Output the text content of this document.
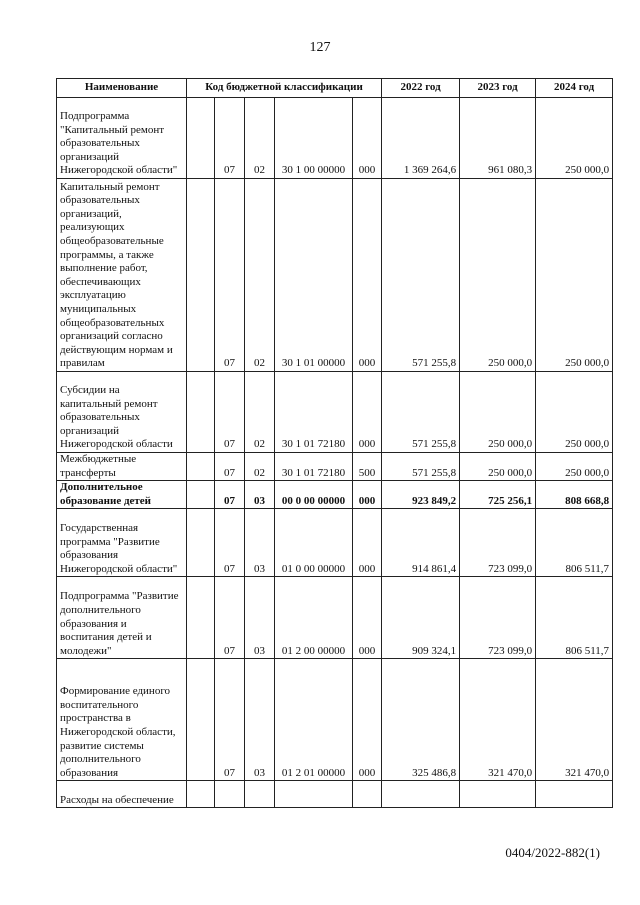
127
Наименование	Код бюджетной классификации					2022 год	2023 год	2024 год
Подпрограмма "Капитальный ремонт образовательных организаций Нижегородской области"		07	02	30 1 00 00000	000	1 369 264,6	961 080,3	250 000,0
Капитальный ремонт образовательных организаций, реализующих общеобразовательные программы, а также выполнение работ, обеспечивающих эксплуатацию муниципальных общеобразовательных организаций согласно действующим нормам и правилам		07	02	30 1 01 00000	000	571 255,8	250 000,0	250 000,0
Субсидии на капитальный ремонт образовательных организаций Нижегородской области		07	02	30 1 01 72180	000	571 255,8	250 000,0	250 000,0
Межбюджетные трансферты		07	02	30 1 01 72180	500	571 255,8	250 000,0	250 000,0
Дополнительное образование детей		07	03	00 0 00 00000	000	923 849,2	725 256,1	808 668,8
Государственная программа "Развитие образования Нижегородской области"		07	03	01 0 00 00000	000	914 861,4	723 099,0	806 511,7
Подпрограмма "Развитие дополнительного образования и воспитания детей и молодежи"		07	03	01 2 00 00000	000	909 324,1	723 099,0	806 511,7
Формирование единого воспитательного пространства в Нижегородской области, развитие системы дополнительного образования		07	03	01 2 01 00000	000	325 486,8	321 470,0	321 470,0
Расходы на обеспечение								
0404/2022-882(1)
